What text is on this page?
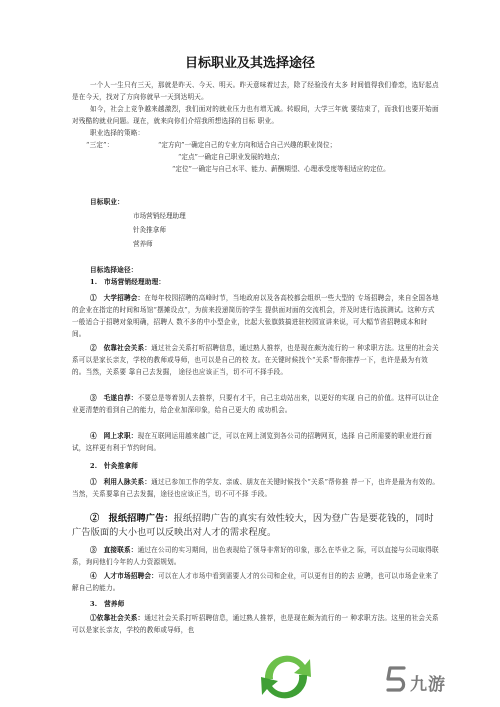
目标职业及其选择途径
一个人一生只有三天，那就是昨天、今天、明天。昨天意味着过去，除了经验没有太多 时间值得我们眷恋，选好起点是在今天，找对了方向你就早一天到达明天。
如今，社会上竞争越来越激烈，我们面对的就业压力也有增无减。转眼间，大学三年就 要结束了，而我们也要开始面对残酷的就业问题。现在，就来向你们介绍我所想选择的目标 职业。
职业选择的策略：
“三定”：	“定方向”一确定自己的专业方向和适合自己兴趣的职业岗位；
“定点”一确定自己职业发展的地点；
“定位”一确定与自己水平、能力、薪酬期望、心理承受度等相适应的定位。
目标职业：
市场营销经理助理
针灸推拿师
营养师
目标选择途径：
1.　市场营销经理助理：
①　大学招聘会：在每年校园招聘的高峰时节，当地政府以及各高校都会组织一些大型的 专场招聘会，来自全国各地的企业在指定的时间和场馆“摆摊设点”，为前来投递简历的学生 提供面对面的交流机会，并及时进行选拔测试。这种方式一般适合于招聘对象明确，招聘人 数不多的中小型企业，比起大张旗鼓搞进驻校园宣讲来说，可大幅节省招聘成本和时间。
②　依靠社会关系：通过社会关系打听招聘信息，通过熟人推荐，也是现在颇为流行的一 种求职方法。这里的社会关系可以是家长亲友，学校的教师或导师，也可以是自己的校 友。在关键时候找个“关系”帮你推荐一下，也许是最为有效的。当然，关系要 靠自己去发掘， 途径也应该正当，切不可不择手段。
③　毛遂自荐：不要总是等着别人去推荐，只要有才干，自己主动站出来，以更好的实现 自己的价值。这样可以让企业更清楚的看到自己的能力，给企业加深印象，给自己更大的 成功机会。
④　网上求职：现在互联网运用越来越广泛，可以在网上浏览到各公司的招聘网页，选择 自己所需要的职业进行面试，这样更有利于节约时间。
2.　针灸推拿师
①　利用人脉关系：通过已参加工作的学友、亲戚、朋友在关键时候找个“关系”帮你推 荐一下，也许是最为有效的。当然，关系要靠自己去发掘，途径也应该正当，切不可不择 手段。
②　报纸招聘广告：报纸招聘广告的真实有效性较大，因为登广告是要花钱的，同时广告版面的大小也可以反映出对人才的需求程度。
③　直接联系：通过在公司的实习期间，出色表现给了领导非常好的印象，那么在毕业之 际，可以直接与公司取得联系，询问他们今年的人力资源规划。
④　人才市场招聘会：可以在人才市场中看到需要人才的公司和企业，可以更有目的的去 应聘，也可以市场企业来了解自己的能力。
3.　营养师
①依靠社会关系：通过社会关系打听招聘信息，通过熟人推荐，也是现在颇为流行的一 种求职方法。这里的社会关系可以是家长亲友，学校的教师或导师，也
九游
